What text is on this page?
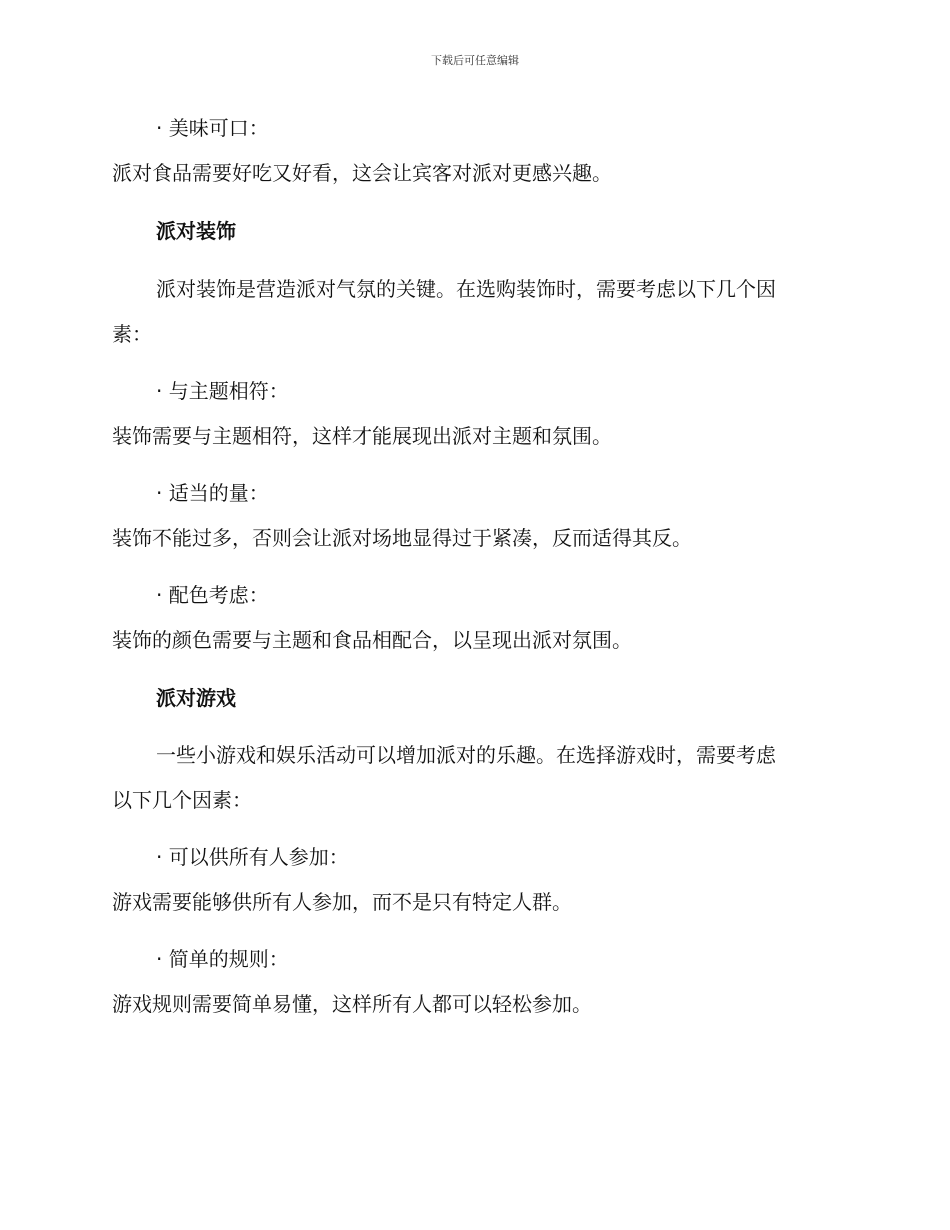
下载后可任意编辑
· 美味可口：
派对食品需要好吃又好看，这会让宾客对派对更感兴趣。
派对装饰
派对装饰是营造派对气氛的关键。在选购装饰时，需要考虑以下几个因
素：
· 与主题相符：
装饰需要与主题相符，这样才能展现出派对主题和氛围。
· 适当的量：
装饰不能过多，否则会让派对场地显得过于紧凑，反而适得其反。
· 配色考虑：
装饰的颜色需要与主题和食品相配合，以呈现出派对氛围。
派对游戏
一些小游戏和娱乐活动可以增加派对的乐趣。在选择游戏时，需要考虑
以下几个因素：
· 可以供所有人参加：
游戏需要能够供所有人参加，而不是只有特定人群。
· 简单的规则：
游戏规则需要简单易懂，这样所有人都可以轻松参加。
